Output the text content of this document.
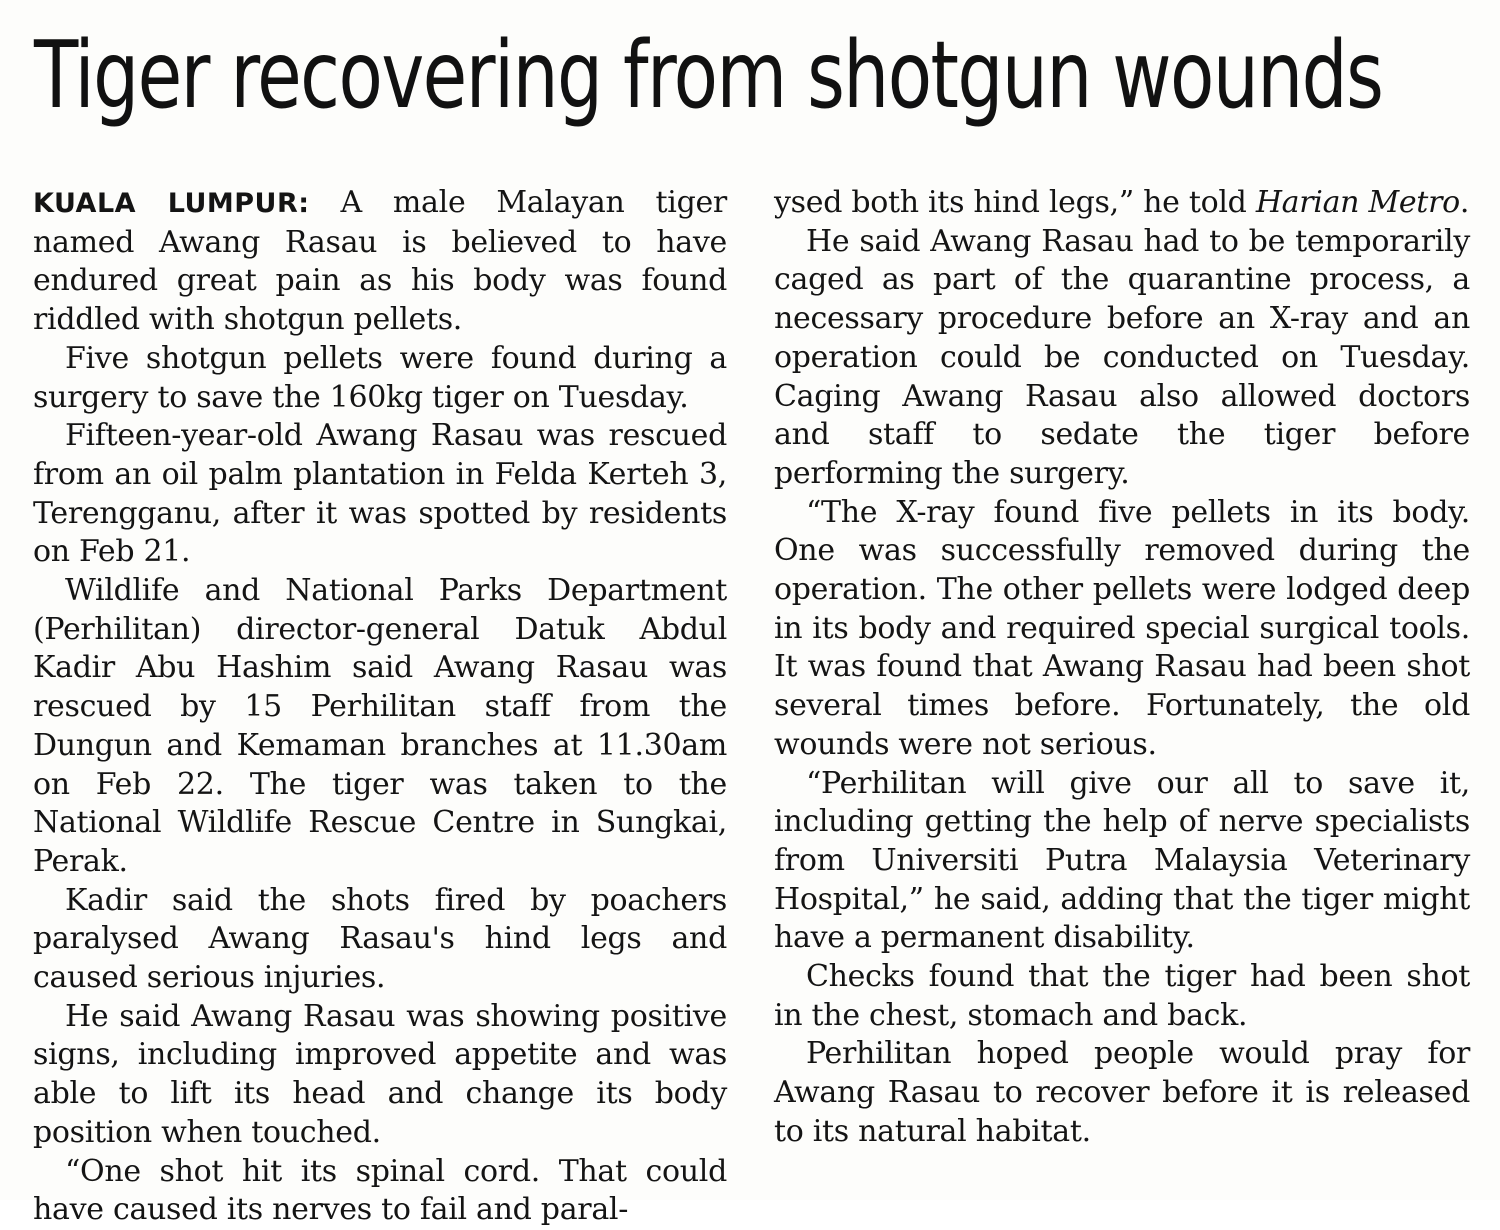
Tiger recovering from shotgun wounds

KUALA LUMPUR: A male Malayan tiger named Awang Rasau is believed to have endured great pain as his body was found riddled with shotgun pellets.

Five shotgun pellets were found during a surgery to save the 160kg tiger on Tuesday.

Fifteen-year-old Awang Rasau was rescued from an oil palm plantation in Felda Kerteh 3, Terengganu, after it was spotted by residents on Feb 21.

Wildlife and National Parks Department (Perhilitan) director-general Datuk Abdul Kadir Abu Hashim said Awang Rasau was rescued by 15 Perhilitan staff from the Dungun and Kemaman branches at 11.30am on Feb 22. The tiger was taken to the National Wildlife Rescue Centre in Sungkai, Perak.

Kadir said the shots fired by poachers paralysed Awang Rasau's hind legs and caused serious injuries.

He said Awang Rasau was showing positive signs, including improved appetite and was able to lift its head and change its body position when touched.

“One shot hit its spinal cord. That could have caused its nerves to fail and paral-

ysed both its hind legs,” he told Harian Metro.

He said Awang Rasau had to be temporarily caged as part of the quarantine process, a necessary procedure before an X-ray and an operation could be conducted on Tuesday. Caging Awang Rasau also allowed doctors and staff to sedate the tiger before performing the surgery.

“The X-ray found five pellets in its body. One was successfully removed during the operation. The other pellets were lodged deep in its body and required special surgical tools. It was found that Awang Rasau had been shot several times before. Fortunately, the old wounds were not serious.

“Perhilitan will give our all to save it, including getting the help of nerve specialists from Universiti Putra Malaysia Veterinary Hospital,” he said, adding that the tiger might have a permanent disability.

Checks found that the tiger had been shot in the chest, stomach and back.

Perhilitan hoped people would pray for Awang Rasau to recover before it is released to its natural habitat.
